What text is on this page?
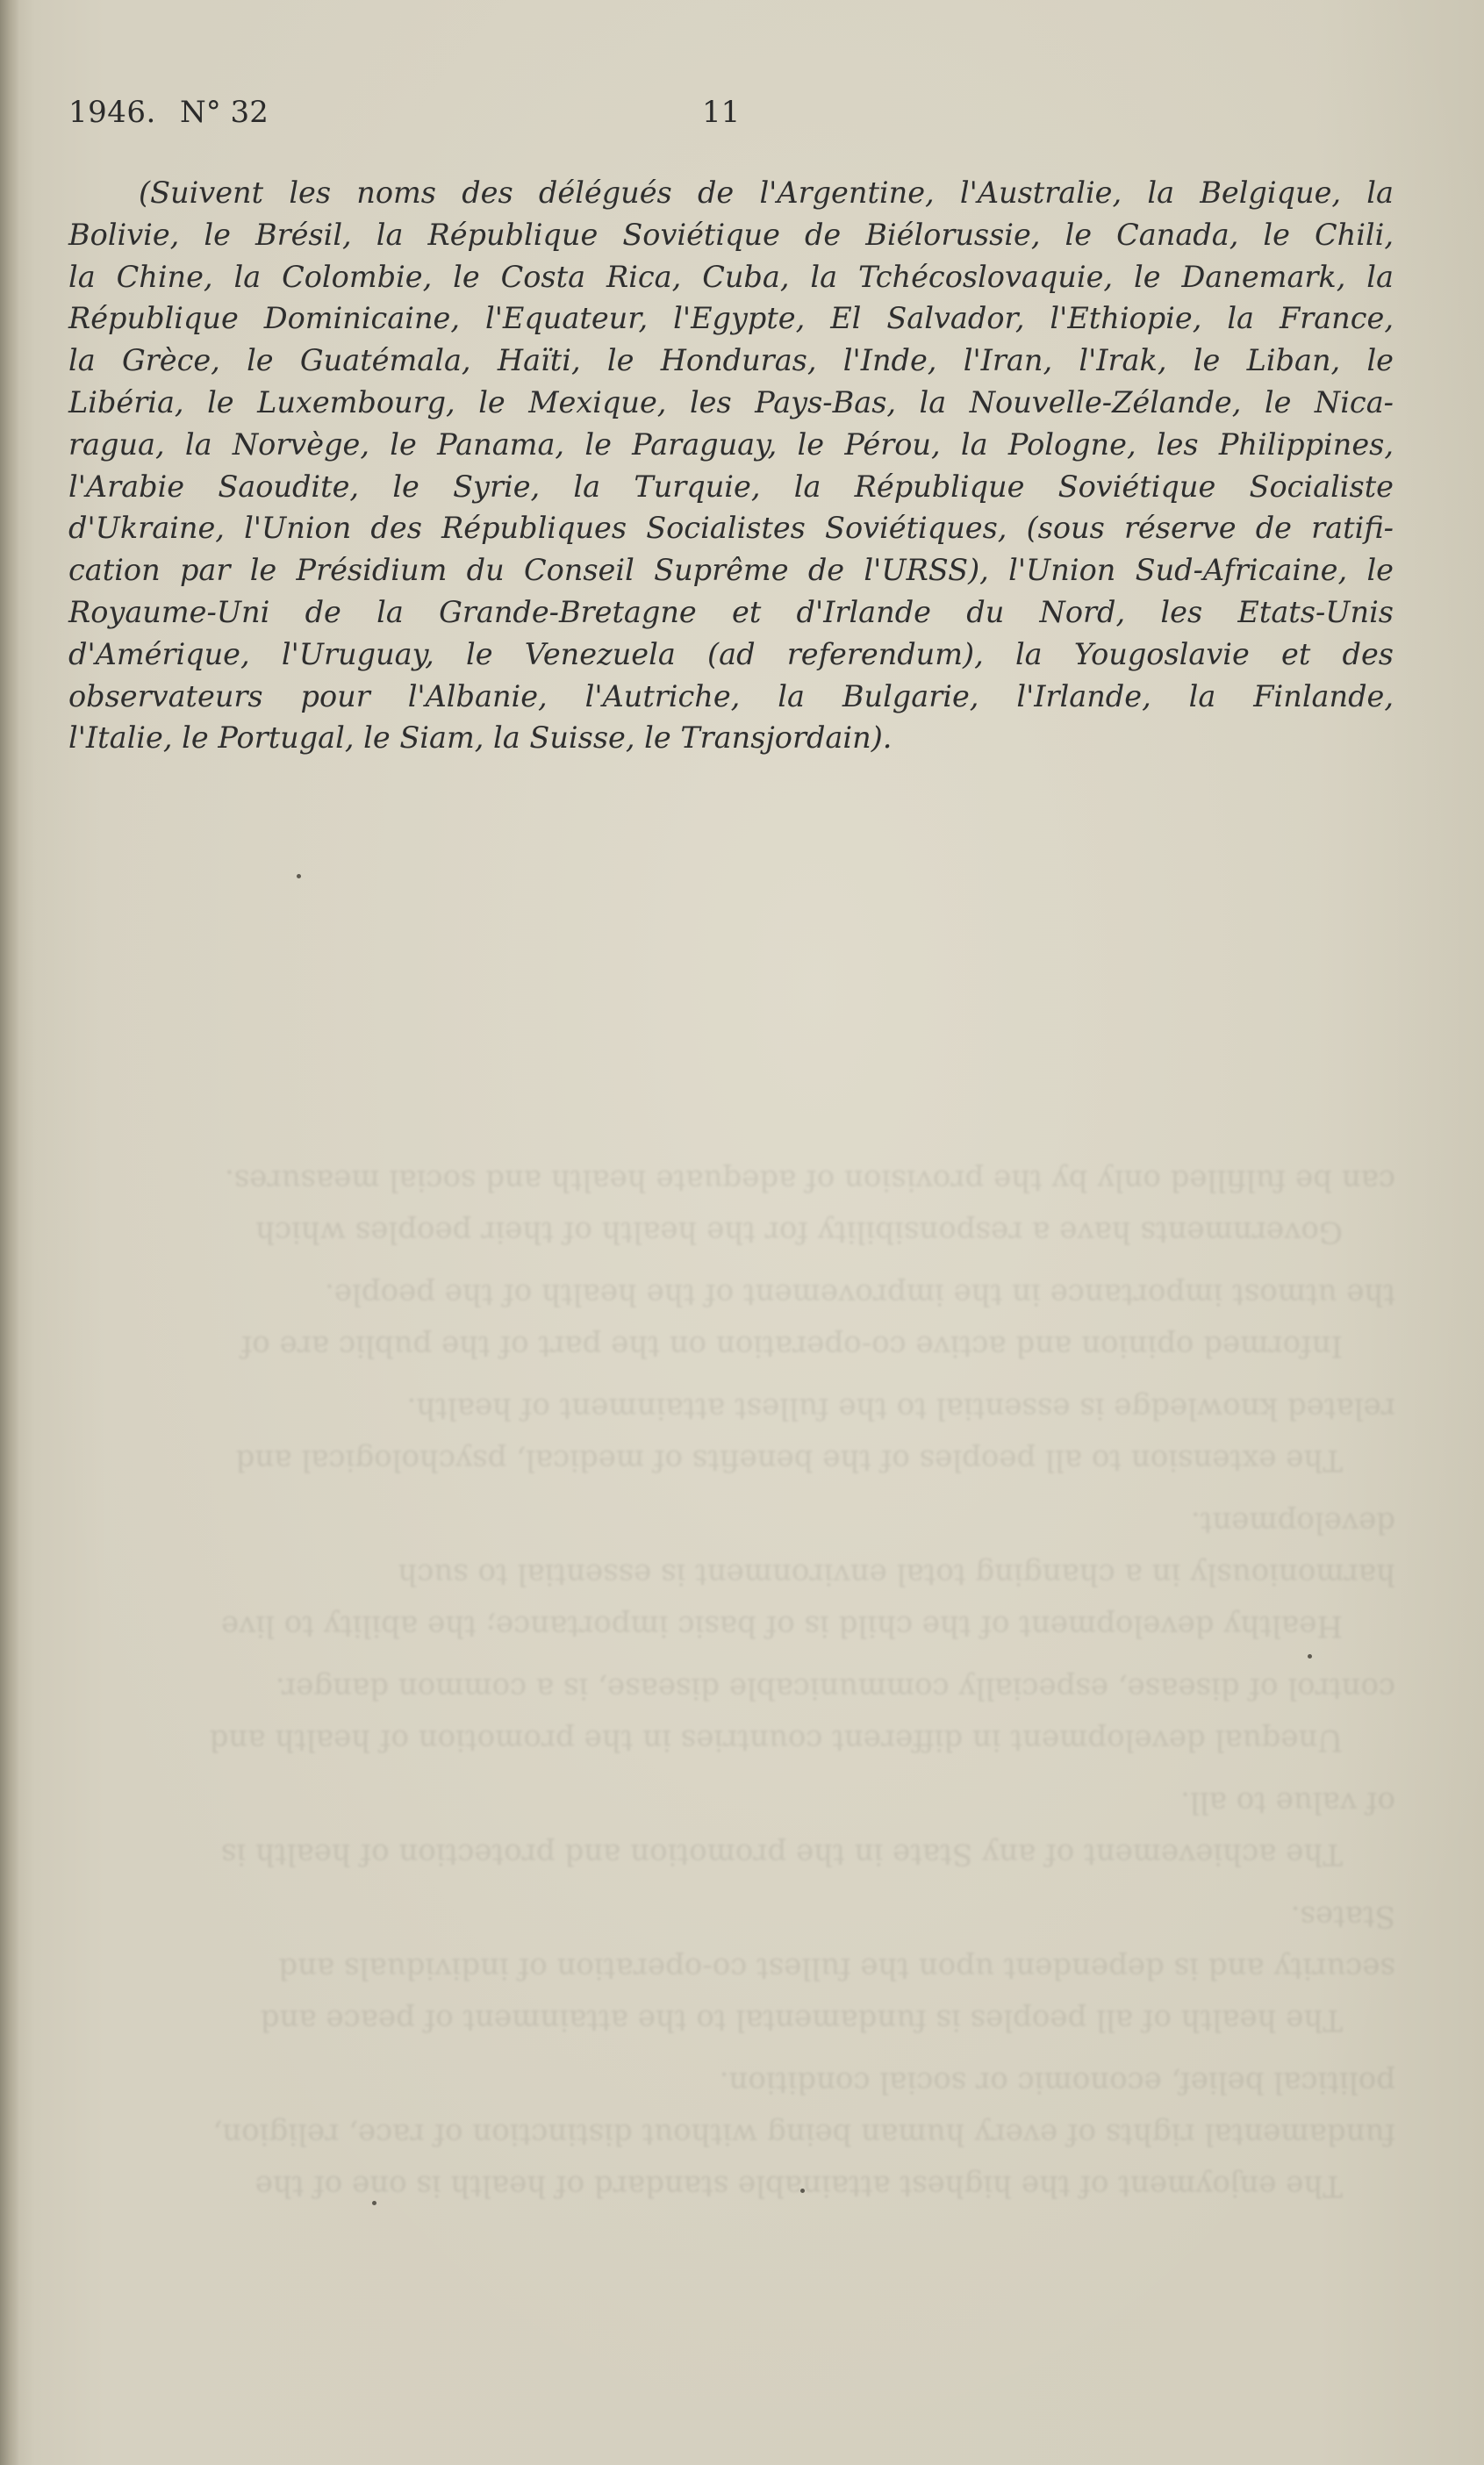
The enjoyment of the highest attainable standard of health is one of the fundamental rights of every human being without distinction of race, religion, political belief, economic or social condition.

The health of all peoples is fundamental to the attainment of peace and security and is dependent upon the fullest co-operation of individuals and States.

The achievement of any State in the promotion and protection of health is of value to all.

Unequal development in different countries in the promotion of health and control of disease, especially communicable disease, is a common danger.

Healthy development of the child is of basic importance; the ability to live harmoniously in a changing total environment is essential to such development.

The extension to all peoples of the benefits of medical, psychological and related knowledge is essential to the fullest attainment of health.

Informed opinion and active co-operation on the part of the public are of the utmost importance in the improvement of the health of the people.

Governments have a responsibility for the health of their peoples which can be fulfilled only by the provision of adequate health and social measures.

1946. N° 32	11
(Suivent les noms des délégués de l'Argentine, l'Australie, la Belgique, la
Bolivie, le Brésil, la République Soviétique de Biélorussie, le Canada, le Chili,
la Chine, la Colombie, le Costa Rica, Cuba, la Tchécoslovaquie, le Danemark, la
République Dominicaine, l'Equateur, l'Egypte, El Salvador, l'Ethiopie, la France,
la Grèce, le Guatémala, Haïti, le Honduras, l'Inde, l'Iran, l'Irak, le Liban, le
Libéria, le Luxembourg, le Mexique, les Pays-Bas, la Nouvelle-Zélande, le Nica-
ragua, la Norvège, le Panama, le Paraguay, le Pérou, la Pologne, les Philippines,
l'Arabie Saoudite, le Syrie, la Turquie, la République Soviétique Socialiste
d'Ukraine, l'Union des Républiques Socialistes Soviétiques, (sous réserve de ratifi-
cation par le Présidium du Conseil Suprême de l'URSS), l'Union Sud-Africaine, le
Royaume-Uni de la Grande-Bretagne et d'Irlande du Nord, les Etats-Unis
d'Amérique, l'Uruguay, le Venezuela (ad referendum), la Yougoslavie et des
observateurs pour l'Albanie, l'Autriche, la Bulgarie, l'Irlande, la Finlande,
l'Italie, le Portugal, le Siam, la Suisse, le Transjordain).
